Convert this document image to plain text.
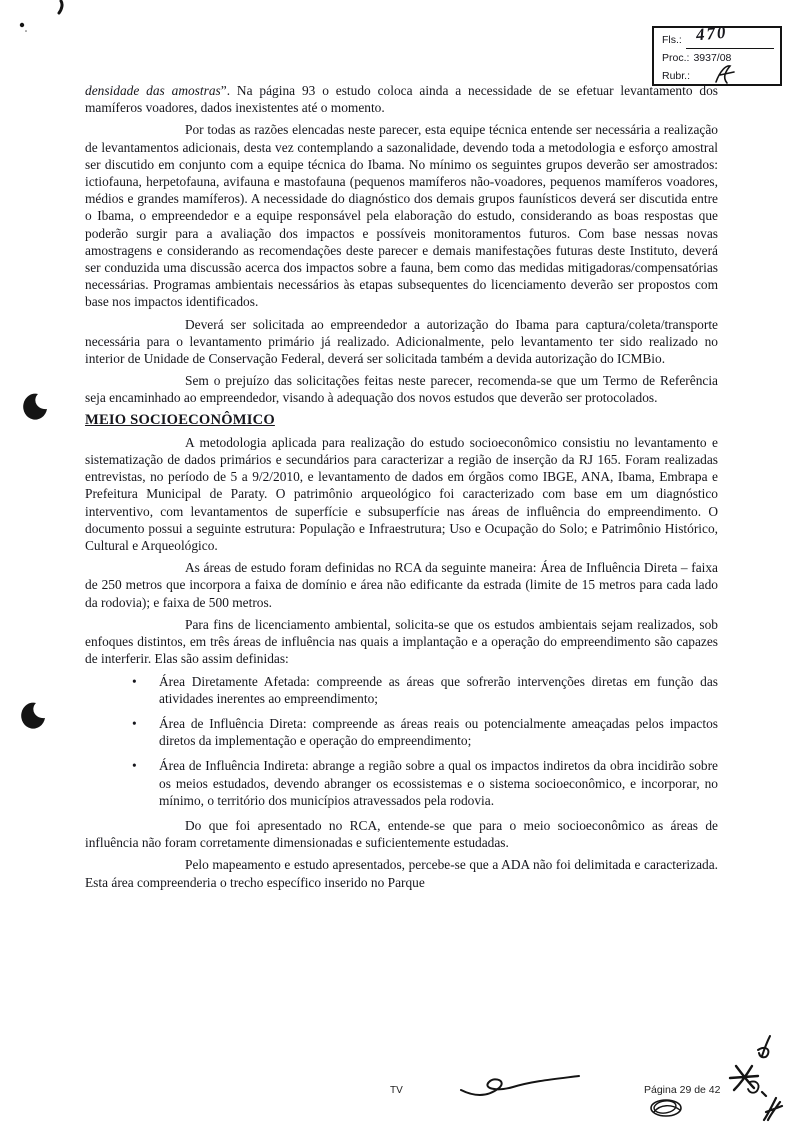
Fls.: 470
Proc.: 3937/08
Rubr.:

densidade das amostras”. Na página 93 o estudo coloca ainda a necessidade de se efetuar levantamento dos mamíferos voadores, dados inexistentes até o momento.

Por todas as razões elencadas neste parecer, esta equipe técnica entende ser necessária a realização de levantamentos adicionais, desta vez contemplando a sazonalidade, devendo toda a metodologia e esforço amostral ser discutido em conjunto com a equipe técnica do Ibama. No mínimo os seguintes grupos deverão ser amostrados: ictiofauna, herpetofauna, avifauna e mastofauna (pequenos mamíferos não-voadores, pequenos mamíferos voadores, médios e grandes mamíferos). A necessidade do diagnóstico dos demais grupos faunísticos deverá ser discutida entre o Ibama, o empreendedor e a equipe responsável pela elaboração do estudo, considerando as boas respostas que poderão surgir para a avaliação dos impactos e possíveis monitoramentos futuros. Com base nessas novas amostragens e considerando as recomendações deste parecer e demais manifestações futuras deste Instituto, deverá ser conduzida uma discussão acerca dos impactos sobre a fauna, bem como das medidas mitigadoras/compensatórias necessárias. Programas ambientais necessários às etapas subsequentes do licenciamento deverão ser propostos com base nos impactos identificados.

Deverá ser solicitada ao empreendedor a autorização do Ibama para captura/coleta/transporte necessária para o levantamento primário já realizado. Adicionalmente, pelo levantamento ter sido realizado no interior de Unidade de Conservação Federal, deverá ser solicitada também a devida autorização do ICMBio.

Sem o prejuízo das solicitações feitas neste parecer, recomenda-se que um Termo de Referência seja encaminhado ao empreendedor, visando à adequação dos novos estudos que deverão ser protocolados.

MEIO SOCIOECONÔMICO

A metodologia aplicada para realização do estudo socioeconômico consistiu no levantamento e sistematização de dados primários e secundários para caracterizar a região de inserção da RJ 165. Foram realizadas entrevistas, no período de 5 a 9/2/2010, e levantamento de dados em órgãos como IBGE, ANA, Ibama, Embrapa e Prefeitura Municipal de Paraty. O patrimônio arqueológico foi caracterizado com base em um diagnóstico interventivo, com levantamentos de superfície e subsuperfície nas áreas de influência do empreendimento. O documento possui a seguinte estrutura: População e Infraestrutura; Uso e Ocupação do Solo; e Patrimônio Histórico, Cultural e Arqueológico.

As áreas de estudo foram definidas no RCA da seguinte maneira: Área de Influência Direta – faixa de 250 metros que incorpora a faixa de domínio e área não edificante da estrada (limite de 15 metros para cada lado da rodovia); e faixa de 500 metros.

Para fins de licenciamento ambiental, solicita-se que os estudos ambientais sejam realizados, sob enfoques distintos, em três áreas de influência nas quais a implantação e a operação do empreendimento são capazes de interferir. Elas são assim definidas:

• Área Diretamente Afetada: compreende as áreas que sofrerão intervenções diretas em função das atividades inerentes ao empreendimento;
• Área de Influência Direta: compreende as áreas reais ou potencialmente ameaçadas pelos impactos diretos da implementação e operação do empreendimento;
• Área de Influência Indireta: abrange a região sobre a qual os impactos indiretos da obra incidirão sobre os meios estudados, devendo abranger os ecossistemas e o sistema socioeconômico, e incorporar, no mínimo, o território dos municípios atravessados pela rodovia.

Do que foi apresentado no RCA, entende-se que para o meio socioeconômico as áreas de influência não foram corretamente dimensionadas e suficientemente estudadas.

Pelo mapeamento e estudo apresentados, percebe-se que a ADA não foi delimitada e caracterizada. Esta área compreenderia o trecho específico inserido no Parque

TV	Página 29 de 42
